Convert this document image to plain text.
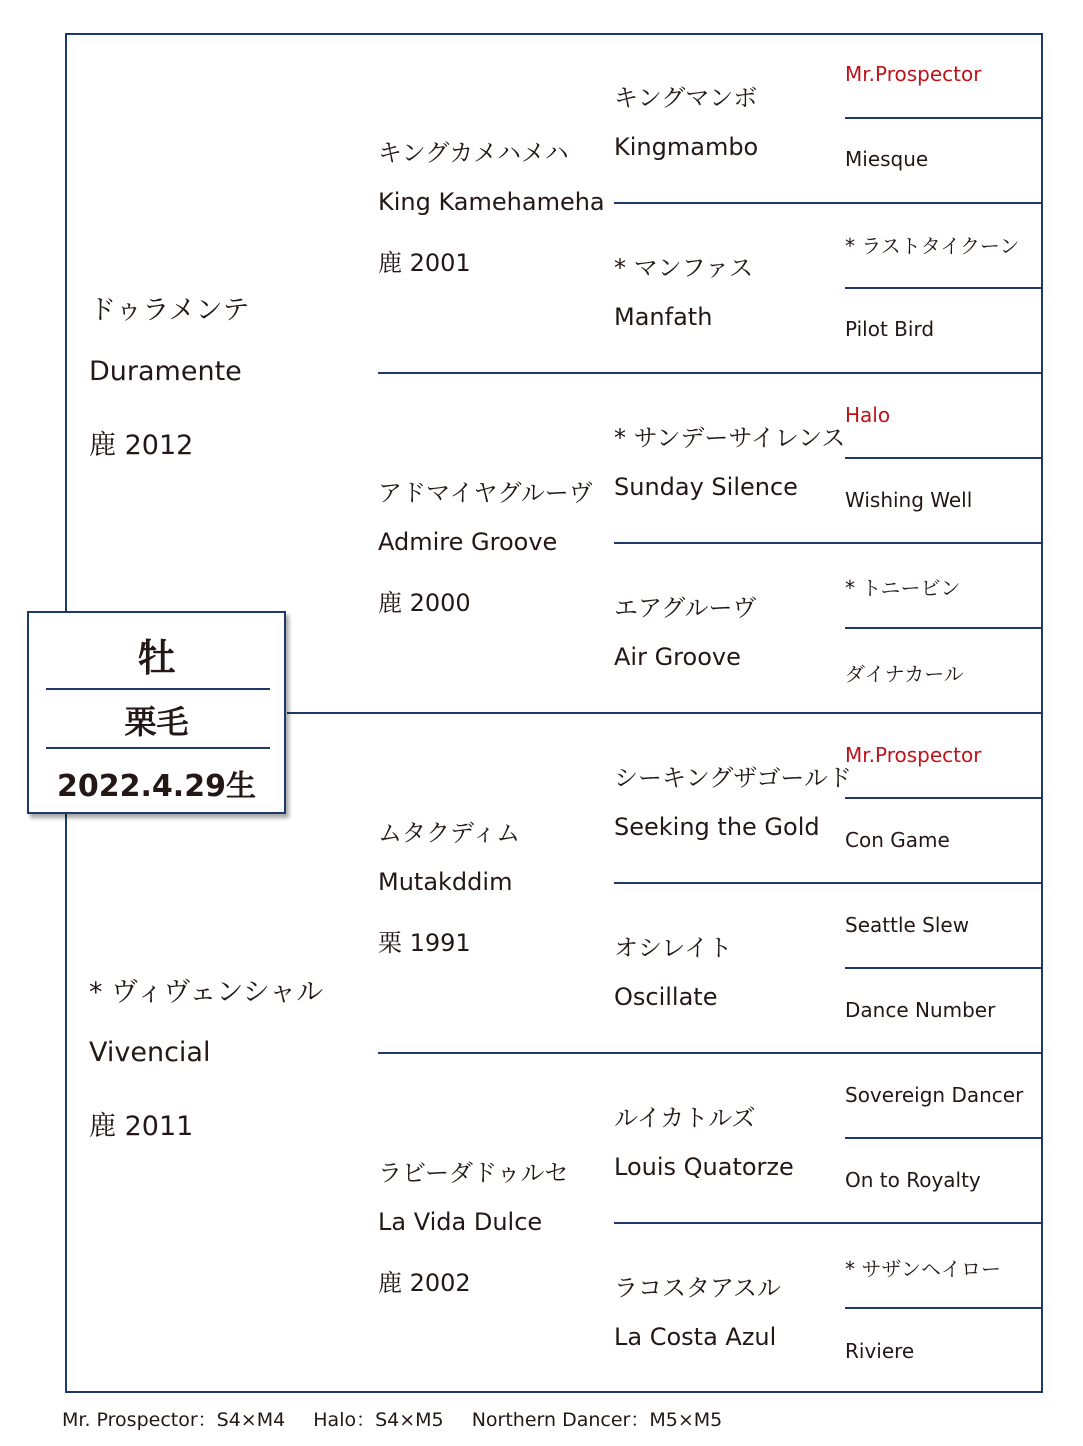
ドゥラメンテ
Duramente
鹿 2012
* ヴィヴェンシャル
Vivencial
鹿 2011
キングカメハメハ
King Kamehameha
鹿 2001
アドマイヤグルーヴ
Admire Groove
鹿 2000
ムタクディム
Mutakddim
栗 1991
ラビーダドゥルセ
La Vida Dulce
鹿 2002
キングマンボ
Kingmambo
* マンファス
Manfath
* サンデーサイレンス
Sunday Silence
エアグルーヴ
Air Groove
シーキングザゴールド
Seeking the Gold
オシレイト
Oscillate
ルイカトルズ
Louis Quatorze
ラコスタアスル
La Costa Azul
Mr.Prospector
Miesque
* ラストタイクーン
Pilot Bird
Halo
Wishing Well
* トニービン
ダイナカール
Mr.Prospector
Con Game
Seattle Slew
Dance Number
Sovereign Dancer
On to Royalty
* サザンヘイロー
Riviere
牡
栗毛
2022.4.29生
Mr. Prospector：S4×M4 Halo：S4×M5 Northern Dancer：M5×M5
